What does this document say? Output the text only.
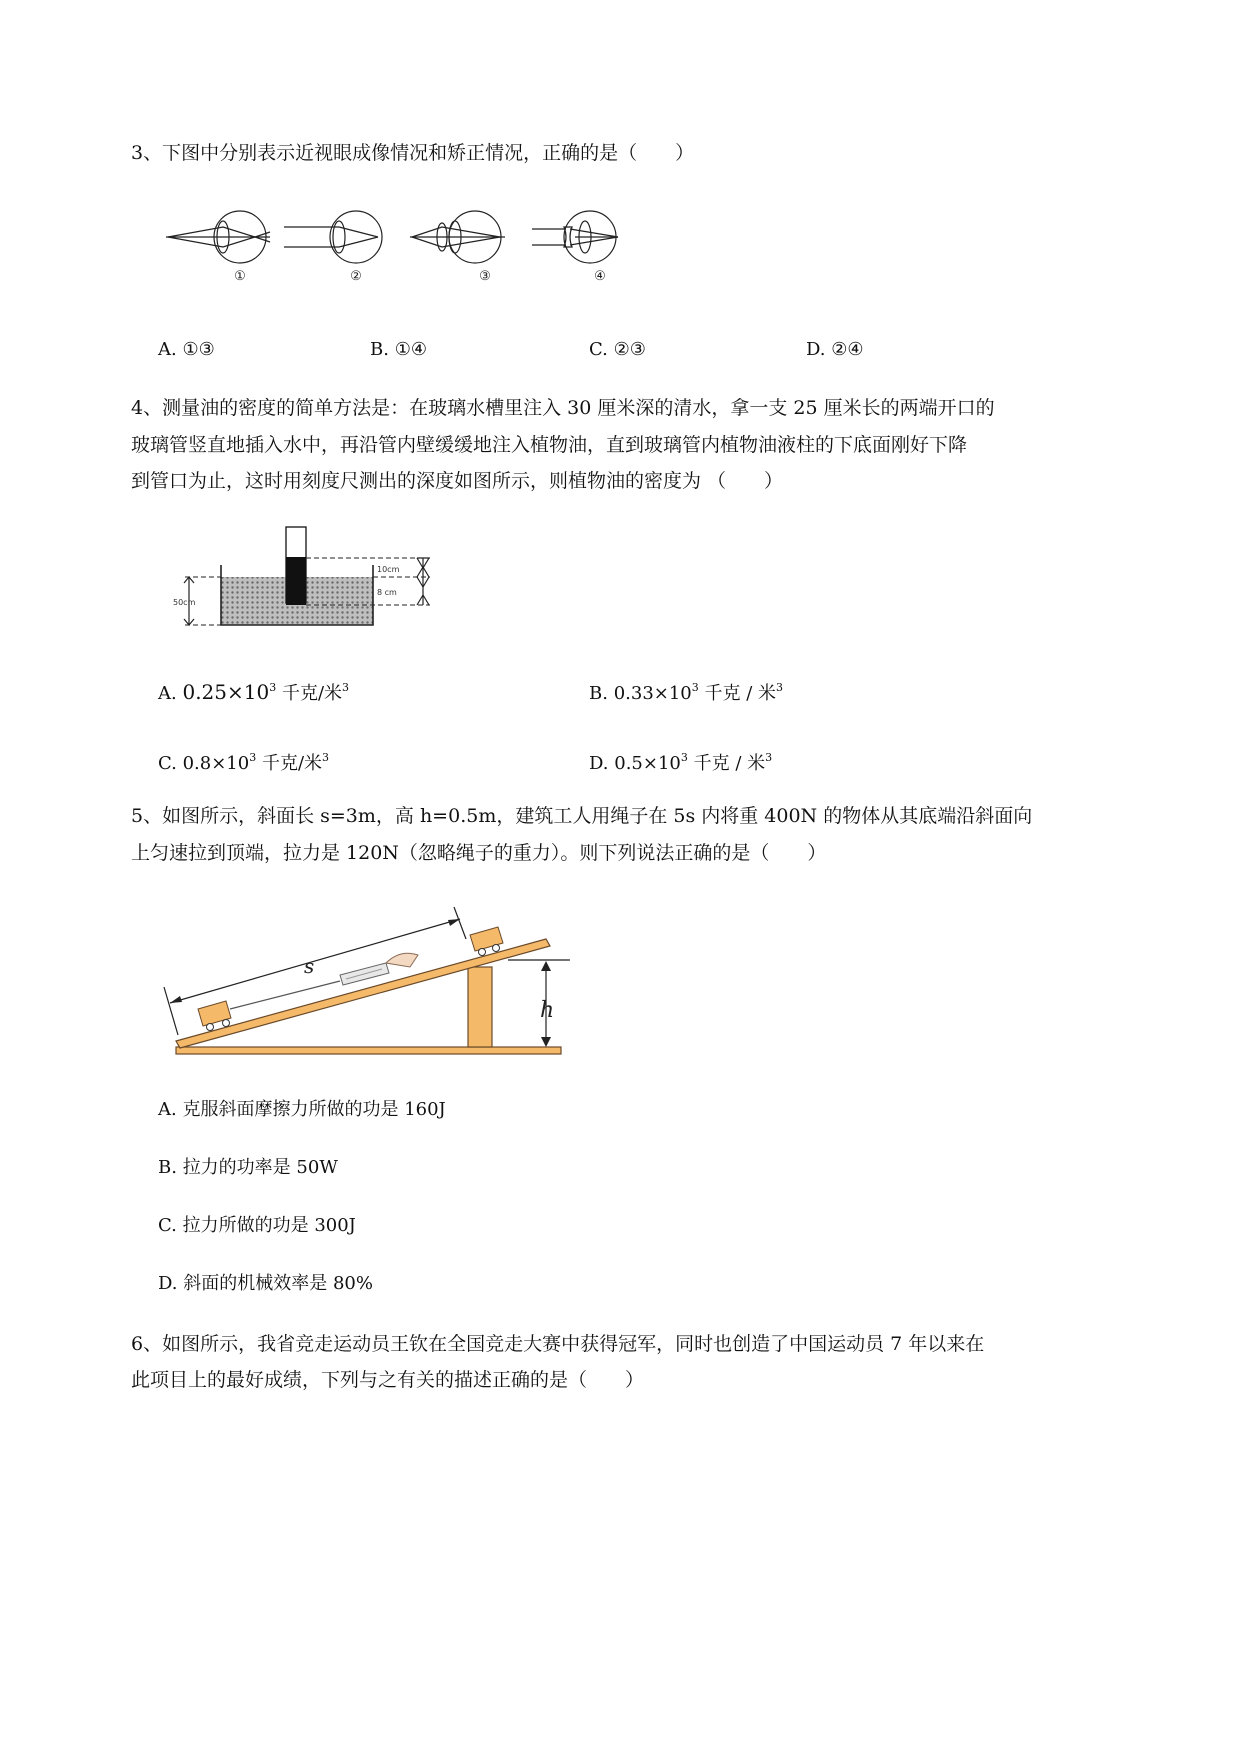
3、下图中分别表示近视眼成像情况和矫正情况，正确的是（　　）
①	②	③	④
A. ①③	B. ①④	C. ②③	D. ②④
4、测量油的密度的简单方法是：在玻璃水槽里注入 30 厘米深的清水，拿一支 25 厘米长的两端开口的
玻璃管竖直地插入水中，再沿管内壁缓缓地注入植物油，直到玻璃管内植物油液柱的下底面刚好下降
到管口为止，这时用刻度尺测出的深度如图所示，则植物油的密度为 （　　）
50cm
10cm
8 cm
A. $0.25\times 10^3$ 千克/米$^3$	B. $0.33\times 10^3$ 千克 / 米$^3$
C. $0.8\times 10^3$ 千克/米$^3$	D. $0.5\times 10^3$ 千克 / 米$^3$
5、如图所示，斜面长 s=3m，高 h=0.5m，建筑工人用绳子在 5s 内将重 400N 的物体从其底端沿斜面向
上匀速拉到顶端，拉力是 120N（忽略绳子的重力）。则下列说法正确的是（　　）
s
h
A. 克服斜面摩擦力所做的功是 160J
B. 拉力的功率是 50W
C. 拉力所做的功是 300J
D. 斜面的机械效率是 80%
6、如图所示，我省竞走运动员王钦在全国竞走大赛中获得冠军，同时也创造了中国运动员 7 年以来在
此项目上的最好成绩，下列与之有关的描述正确的是（　　）
